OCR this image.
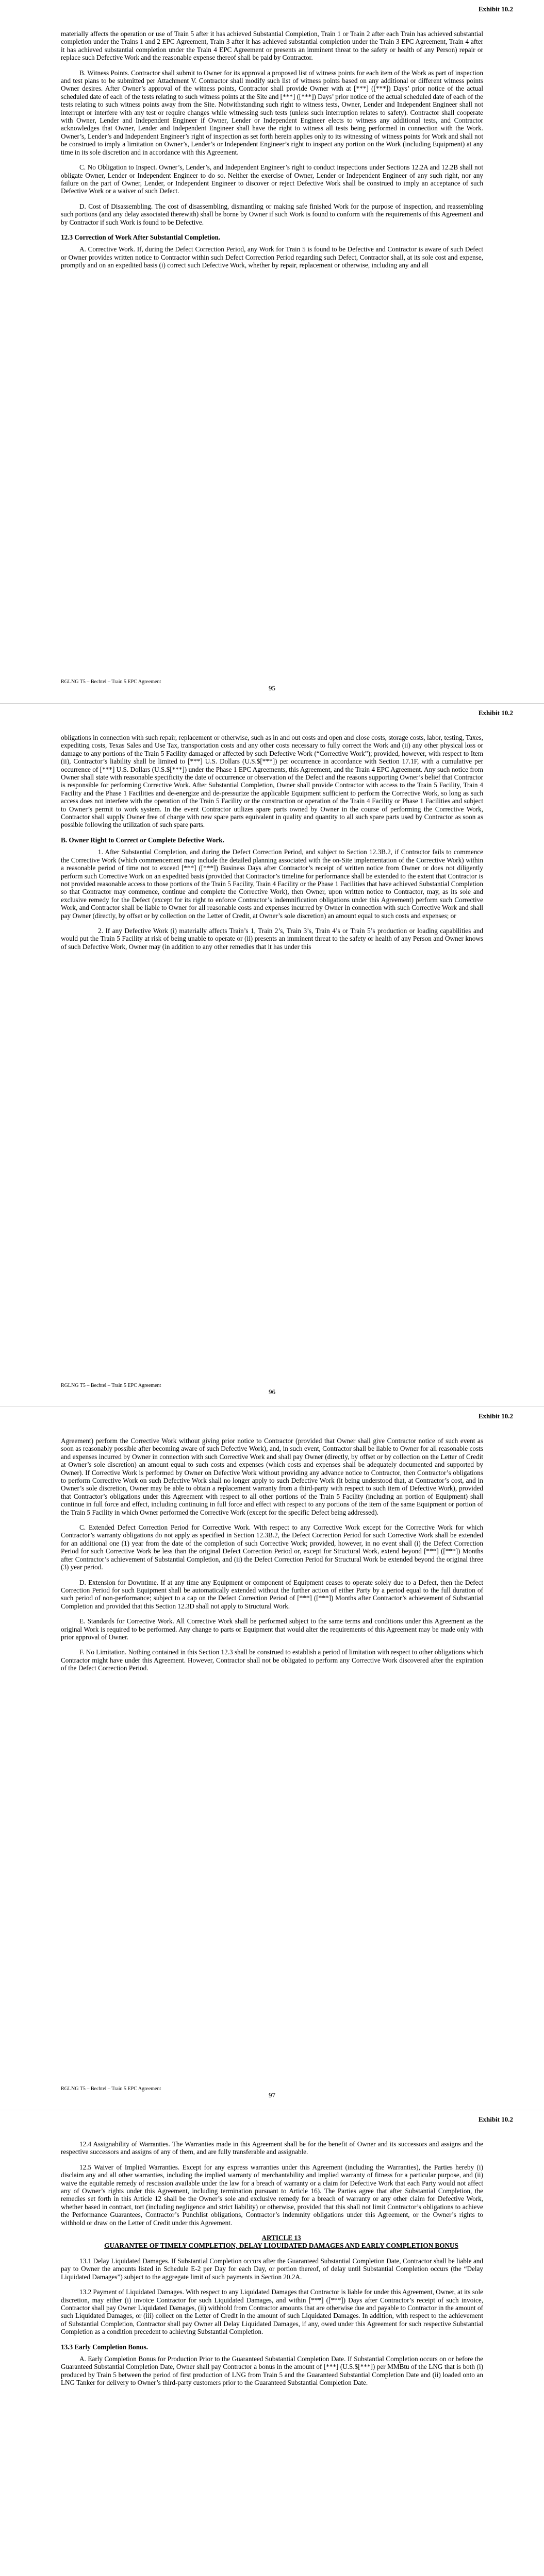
Exhibit 10.2

materially affects the operation or use of Train 5 after it has achieved Substantial Completion, Train 1 or Train 2 after each Train has achieved substantial completion under the Trains 1 and 2 EPC Agreement, Train 3 after it has achieved substantial completion under the Train 3 EPC Agreement, Train 4 after it has achieved substantial completion under the Train 4 EPC Agreement or presents an imminent threat to the safety or health of any Person) repair or replace such Defective Work and the reasonable expense thereof shall be paid by Contractor.

B. Witness Points. Contractor shall submit to Owner for its approval a proposed list of witness points for each item of the Work as part of inspection and test plans to be submitted per Attachment V. Contractor shall modify such list of witness points based on any additional or different witness points Owner desires. After Owner’s approval of the witness points, Contractor shall provide Owner with at [***] ([***]) Days’ prior notice of the actual scheduled date of each of the tests relating to such witness points at the Site and [***] ([***]) Days’ prior notice of the actual scheduled date of each of the tests relating to such witness points away from the Site. Notwithstanding such right to witness tests, Owner, Lender and Independent Engineer shall not interrupt or interfere with any test or require changes while witnessing such tests (unless such interruption relates to safety). Contractor shall cooperate with Owner, Lender and Independent Engineer if Owner, Lender or Independent Engineer elects to witness any additional tests, and Contractor acknowledges that Owner, Lender and Independent Engineer shall have the right to witness all tests being performed in connection with the Work. Owner’s, Lender’s and Independent Engineer’s right of inspection as set forth herein applies only to its witnessing of witness points for Work and shall not be construed to imply a limitation on Owner’s, Lender’s or Independent Engineer’s right to inspect any portion on the Work (including Equipment) at any time in its sole discretion and in accordance with this Agreement.

C. No Obligation to Inspect. Owner’s, Lender’s, and Independent Engineer’s right to conduct inspections under Sections 12.2A and 12.2B shall not obligate Owner, Lender or Independent Engineer to do so. Neither the exercise of Owner, Lender or Independent Engineer of any such right, nor any failure on the part of Owner, Lender, or Independent Engineer to discover or reject Defective Work shall be construed to imply an acceptance of such Defective Work or a waiver of such Defect.

D. Cost of Disassembling. The cost of disassembling, dismantling or making safe finished Work for the purpose of inspection, and reassembling such portions (and any delay associated therewith) shall be borne by Owner if such Work is found to conform with the requirements of this Agreement and by Contractor if such Work is found to be Defective.

12.3 Correction of Work After Substantial Completion.

A. Corrective Work. If, during the Defect Correction Period, any Work for Train 5 is found to be Defective and Contractor is aware of such Defect or Owner provides written notice to Contractor within such Defect Correction Period regarding such Defect, Contractor shall, at its sole cost and expense, promptly and on an expedited basis (i) correct such Defective Work, whether by repair, replacement or otherwise, including any and all

RGLNG T5 – Bechtel – Train 5 EPC Agreement
95
Exhibit 10.2

obligations in connection with such repair, replacement or otherwise, such as in and out costs and open and close costs, storage costs, labor, testing, Taxes, expediting costs, Texas Sales and Use Tax, transportation costs and any other costs necessary to fully correct the Work and (ii) any other physical loss or damage to any portions of the Train 5 Facility damaged or affected by such Defective Work (“Corrective Work”); provided, however, with respect to Item (ii), Contractor’s liability shall be limited to [***] U.S. Dollars (U.S.$[***]) per occurrence in accordance with Section 17.1F, with a cumulative per occurrence of [***] U.S. Dollars (U.S.$[***]) under the Phase 1 EPC Agreements, this Agreement, and the Train 4 EPC Agreement. Any such notice from Owner shall state with reasonable specificity the date of occurrence or observation of the Defect and the reasons supporting Owner’s belief that Contractor is responsible for performing Corrective Work. After Substantial Completion, Owner shall provide Contractor with access to the Train 5 Facility, Train 4 Facility and the Phase 1 Facilities and de-energize and de-pressurize the applicable Equipment sufficient to perform the Corrective Work, so long as such access does not interfere with the operation of the Train 5 Facility or the construction or operation of the Train 4 Facility or Phase 1 Facilities and subject to Owner’s permit to work system. In the event Contractor utilizes spare parts owned by Owner in the course of performing the Corrective Work, Contractor shall supply Owner free of charge with new spare parts equivalent in quality and quantity to all such spare parts used by Contractor as soon as possible following the utilization of such spare parts.

B. Owner Right to Correct or Complete Defective Work.

1. After Substantial Completion, and during the Defect Correction Period, and subject to Section 12.3B.2, if Contractor fails to commence the Corrective Work (which commencement may include the detailed planning associated with the on-Site implementation of the Corrective Work) within a reasonable period of time not to exceed [***] ([***]) Business Days after Contractor’s receipt of written notice from Owner or does not diligently perform such Corrective Work on an expedited basis (provided that Contractor’s timeline for performance shall be extended to the extent that Contractor is not provided reasonable access to those portions of the Train 5 Facility, Train 4 Facility or the Phase 1 Facilities that have achieved Substantial Completion so that Contractor may commence, continue and complete the Corrective Work), then Owner, upon written notice to Contractor, may, as its sole and exclusive remedy for the Defect (except for its right to enforce Contractor’s indemnification obligations under this Agreement) perform such Corrective Work, and Contractor shall be liable to Owner for all reasonable costs and expenses incurred by Owner in connection with such Corrective Work and shall pay Owner (directly, by offset or by collection on the Letter of Credit, at Owner’s sole discretion) an amount equal to such costs and expenses; or

2. If any Defective Work (i) materially affects Train’s 1, Train 2’s, Train 3’s, Train 4’s or Train 5’s production or loading capabilities and would put the Train 5 Facility at risk of being unable to operate or (ii) presents an imminent threat to the safety or health of any Person and Owner knows of such Defective Work, Owner may (in addition to any other remedies that it has under this

RGLNG T5 – Bechtel – Train 5 EPC Agreement
96
Exhibit 10.2

Agreement) perform the Corrective Work without giving prior notice to Contractor (provided that Owner shall give Contractor notice of such event as soon as reasonably possible after becoming aware of such Defective Work), and, in such event, Contractor shall be liable to Owner for all reasonable costs and expenses incurred by Owner in connection with such Corrective Work and shall pay Owner (directly, by offset or by collection on the Letter of Credit at Owner’s sole discretion) an amount equal to such costs and expenses (which costs and expenses shall be adequately documented and supported by Owner). If Corrective Work is performed by Owner on Defective Work without providing any advance notice to Contractor, then Contractor’s obligations to perform Corrective Work on such Defective Work shall no longer apply to such Defective Work (it being understood that, at Contractor’s cost, and in Owner’s sole discretion, Owner may be able to obtain a replacement warranty from a third-party with respect to such item of Defective Work), provided that Contractor’s obligations under this Agreement with respect to all other portions of the Train 5 Facility (including an portion of Equipment) shall continue in full force and effect, including continuing in full force and effect with respect to any portions of the item of the same Equipment or portion of the Train 5 Facility in which Owner performed the Corrective Work (except for the specific Defect being addressed).

C. Extended Defect Correction Period for Corrective Work. With respect to any Corrective Work except for the Corrective Work for which Contractor’s warranty obligations do not apply as specified in Section 12.3B.2, the Defect Correction Period for such Corrective Work shall be extended for an additional one (1) year from the date of the completion of such Corrective Work; provided, however, in no event shall (i) the Defect Correction Period for such Corrective Work be less than the original Defect Correction Period or, except for Structural Work, extend beyond [***] ([***]) Months after Contractor’s achievement of Substantial Completion, and (ii) the Defect Correction Period for Structural Work be extended beyond the original three (3) year period.

D. Extension for Downtime. If at any time any Equipment or component of Equipment ceases to operate solely due to a Defect, then the Defect Correction Period for such Equipment shall be automatically extended without the further action of either Party by a period equal to the full duration of such period of non-performance; subject to a cap on the Defect Correction Period of [***] ([***]) Months after Contractor’s achievement of Substantial Completion and provided that this Section 12.3D shall not apply to Structural Work.

E. Standards for Corrective Work. All Corrective Work shall be performed subject to the same terms and conditions under this Agreement as the original Work is required to be performed. Any change to parts or Equipment that would alter the requirements of this Agreement may be made only with prior approval of Owner.

F. No Limitation. Nothing contained in this Section 12.3 shall be construed to establish a period of limitation with respect to other obligations which Contractor might have under this Agreement. However, Contractor shall not be obligated to perform any Corrective Work discovered after the expiration of the Defect Correction Period.

RGLNG T5 – Bechtel – Train 5 EPC Agreement
97
Exhibit 10.2

12.4 Assignability of Warranties. The Warranties made in this Agreement shall be for the benefit of Owner and its successors and assigns and the respective successors and assigns of any of them, and are fully transferable and assignable.

12.5 Waiver of Implied Warranties. Except for any express warranties under this Agreement (including the Warranties), the Parties hereby (i) disclaim any and all other warranties, including the implied warranty of merchantability and implied warranty of fitness for a particular purpose, and (ii) waive the equitable remedy of rescission available under the law for a breach of warranty or a claim for Defective Work that each Party would not affect any of Owner’s rights under this Agreement, including termination pursuant to Article 16). The Parties agree that after Substantial Completion, the remedies set forth in this Article 12 shall be the Owner’s sole and exclusive remedy for a breach of warranty or any other claim for Defective Work, whether based in contract, tort (including negligence and strict liability) or otherwise, provided that this shall not limit Contractor’s obligations to achieve the Performance Guarantees, Contractor’s Punchlist obligations, Contractor’s indemnity obligations under this Agreement, or the Owner’s rights to withhold or draw on the Letter of Credit under this Agreement.

ARTICLE 13

GUARANTEE OF TIMELY COMPLETION, DELAY LIQUIDATED DAMAGES AND EARLY COMPLETION BONUS

13.1 Delay Liquidated Damages. If Substantial Completion occurs after the Guaranteed Substantial Completion Date, Contractor shall be liable and pay to Owner the amounts listed in Schedule E-2 per Day for each Day, or portion thereof, of delay until Substantial Completion occurs (the “Delay Liquidated Damages”) subject to the aggregate limit of such payments in Section 20.2A.

13.2 Payment of Liquidated Damages. With respect to any Liquidated Damages that Contractor is liable for under this Agreement, Owner, at its sole discretion, may either (i) invoice Contractor for such Liquidated Damages, and within [***] ([***]) Days after Contractor’s receipt of such invoice, Contractor shall pay Owner Liquidated Damages, (ii) withhold from Contractor amounts that are otherwise due and payable to Contractor in the amount of such Liquidated Damages, or (iii) collect on the Letter of Credit in the amount of such Liquidated Damages. In addition, with respect to the achievement of Substantial Completion, Contractor shall pay Owner all Delay Liquidated Damages, if any, owed under this Agreement for such respective Substantial Completion as a condition precedent to achieving Substantial Completion.

13.3 Early Completion Bonus.

A. Early Completion Bonus for Production Prior to the Guaranteed Substantial Completion Date. If Substantial Completion occurs on or before the Guaranteed Substantial Completion Date, Owner shall pay Contractor a bonus in the amount of [***] (U.S.$[***]) per MMBtu of the LNG that is both (i) produced by Train 5 between the period of first production of LNG from Train 5 and the Guaranteed Substantial Completion Date and (ii) loaded onto an LNG Tanker for delivery to Owner’s third-party customers prior to the Guaranteed Substantial Completion Date.
